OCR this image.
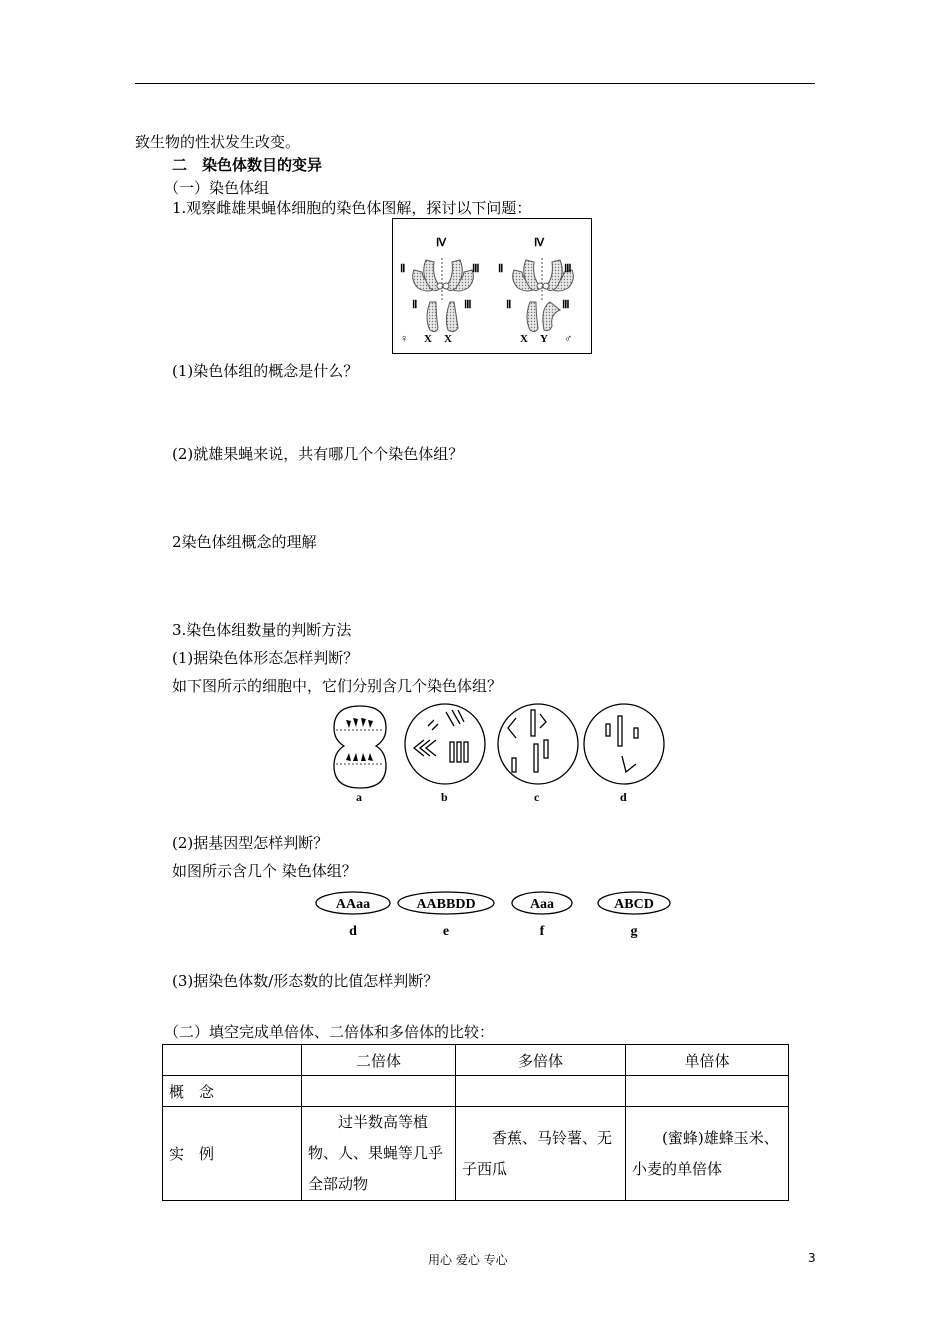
致生物的性状发生改变。
二　染色体数目的变异
（一）染色体组
1.观察雌雄果蝇体细胞的染色体图解，探讨以下问题：
Ⅳ
Ⅱ	Ⅲ
Ⅱ	Ⅲ
♀ X X
Ⅳ
Ⅱ	Ⅲ
Ⅱ	Ⅲ
X Y ♂
(1)染色体组的概念是什么？
(2)就雄果蝇来说，共有哪几个个染色体组？
2染色体组概念的理解
3.染色体组数量的判断方法
(1)据染色体形态怎样判断？
如下图所示的细胞中，它们分别含几个染色体组？
a	b	c	d
(2)据基因型怎样判断？
如图所示含几个 染色体组？
AAaa	AABBDD	Aaa	ABCD
d	e	f	g
(3)据染色体数/形态数的比值怎样判断？
（二）填空完成单倍体、二倍体和多倍体的比较：
	二倍体	多倍体	单倍体
概　念			
实　例	过半数高等植物、人、果蝇等几乎全部动物	香蕉、马铃薯、无子西瓜	(蜜蜂)雄蜂玉米、小麦的单倍体
用心 爱心 专心	3
